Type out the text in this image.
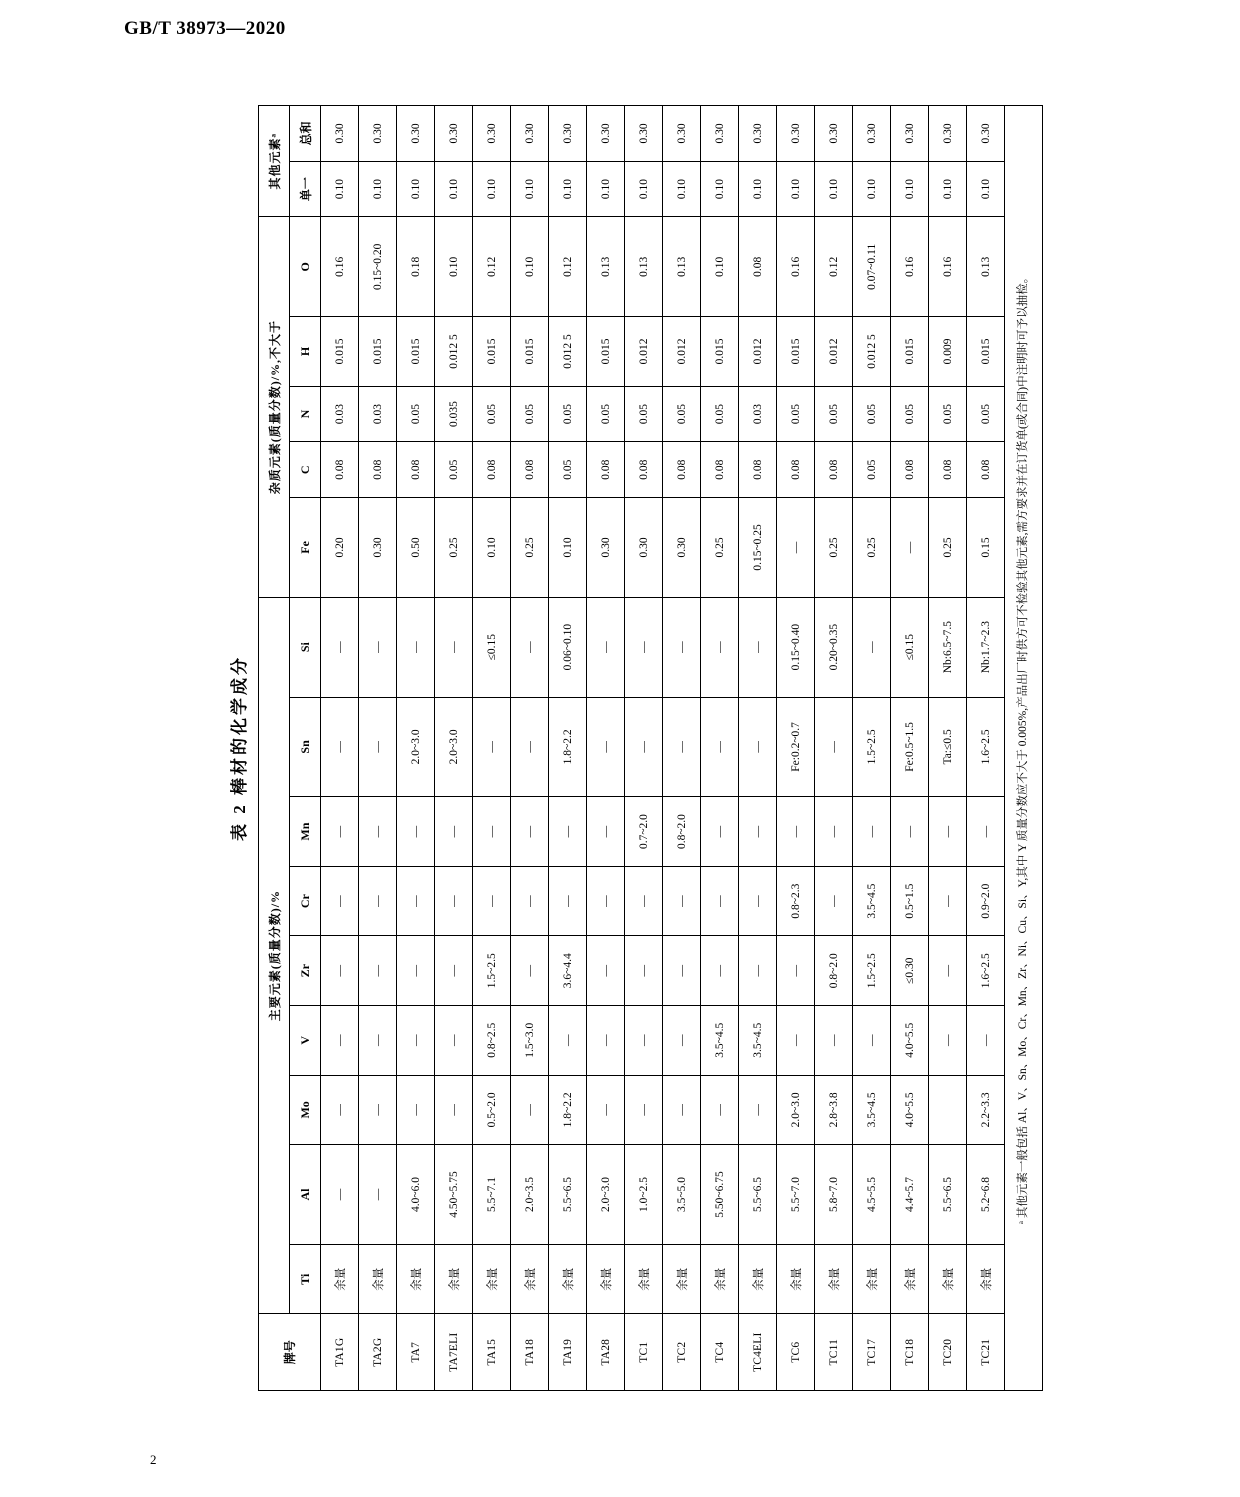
GB/T 38973—2020
表 2 棒材的化学成分
牌号	主要元素(质量分数)/%									杂质元素(质量分数)/%,不大于					其他元素ᵃ	
	Ti	Al	Mo	V	Zr	Cr	Mn	Sn	Si	Fe	C	N	H	O	单一	总和
TA1G	余量	—	—	—	—	—	—	—	—	0.20	0.08	0.03	0.015	0.16	0.10	0.30
TA2G	余量	—	—	—	—	—	—	—	—	0.30	0.08	0.03	0.015	0.15~0.20	0.10	0.30
TA7	余量	4.0~6.0	—	—	—	—	—	2.0~3.0	—	0.50	0.08	0.05	0.015	0.18	0.10	0.30
TA7ELI	余量	4.50~5.75	—	—	—	—	—	2.0~3.0	—	0.25	0.05	0.035	0.012 5	0.10	0.10	0.30
TA15	余量	5.5~7.1	0.5~2.0	0.8~2.5	1.5~2.5	—	—	—	≤0.15	0.10	0.08	0.05	0.015	0.12	0.10	0.30
TA18	余量	2.0~3.5	—	1.5~3.0	—	—	—	—	—	0.25	0.08	0.05	0.015	0.10	0.10	0.30
TA19	余量	5.5~6.5	1.8~2.2	—	3.6~4.4	—	—	1.8~2.2	0.06~0.10	0.10	0.05	0.05	0.012 5	0.12	0.10	0.30
TA28	余量	2.0~3.0	—	—	—	—	—	—	—	0.30	0.08	0.05	0.015	0.13	0.10	0.30
TC1	余量	1.0~2.5	—	—	—	—	0.7~2.0	—	—	0.30	0.08	0.05	0.012	0.13	0.10	0.30
TC2	余量	3.5~5.0	—	—	—	—	0.8~2.0	—	—	0.30	0.08	0.05	0.012	0.13	0.10	0.30
TC4	余量	5.50~6.75	—	3.5~4.5	—	—	—	—	—	0.25	0.08	0.05	0.015	0.10	0.10	0.30
TC4ELI	余量	5.5~6.5	—	3.5~4.5	—	—	—	—	—	0.15~0.25	0.08	0.03	0.012	0.08	0.10	0.30
TC6	余量	5.5~7.0	2.0~3.0	—	—	0.8~2.3	—	Fe:0.2~0.7	0.15~0.40	—	0.08	0.05	0.015	0.16	0.10	0.30
TC11	余量	5.8~7.0	2.8~3.8	—	0.8~2.0	—	—	—	0.20~0.35	0.25	0.08	0.05	0.012	0.12	0.10	0.30
TC17	余量	4.5~5.5	3.5~4.5	—	1.5~2.5	3.5~4.5	—	1.5~2.5	—	0.25	0.05	0.05	0.012 5	0.07~0.11	0.10	0.30
TC18	余量	4.4~5.7	4.0~5.5	4.0~5.5	≤0.30	0.5~1.5	—	Fe:0.5~1.5	≤0.15	—	0.08	0.05	0.015	0.16	0.10	0.30
TC20	余量	5.5~6.5		—	—	—	—	Ta:≤0.5	Nb:6.5~7.5	0.25	0.08	0.05	0.009	0.16	0.10	0.30
TC21	余量	5.2~6.8	2.2~3.3	—	1.6~2.5	0.9~2.0	—	1.6~2.5	Nb:1.7~2.3	0.15	0.08	0.05	0.015	0.13	0.10	0.30
ᵃ 其他元素一般包括 Al、V、Sn、Mo、Cr、Mn、Zr、Ni、Cu、Si、Y,其中 Y 质量分数应不大于 0.005%,产品出厂时供方可不检验其他元素,需方要求并在订货单(或合同)中注明时可予以抽检。																
2
